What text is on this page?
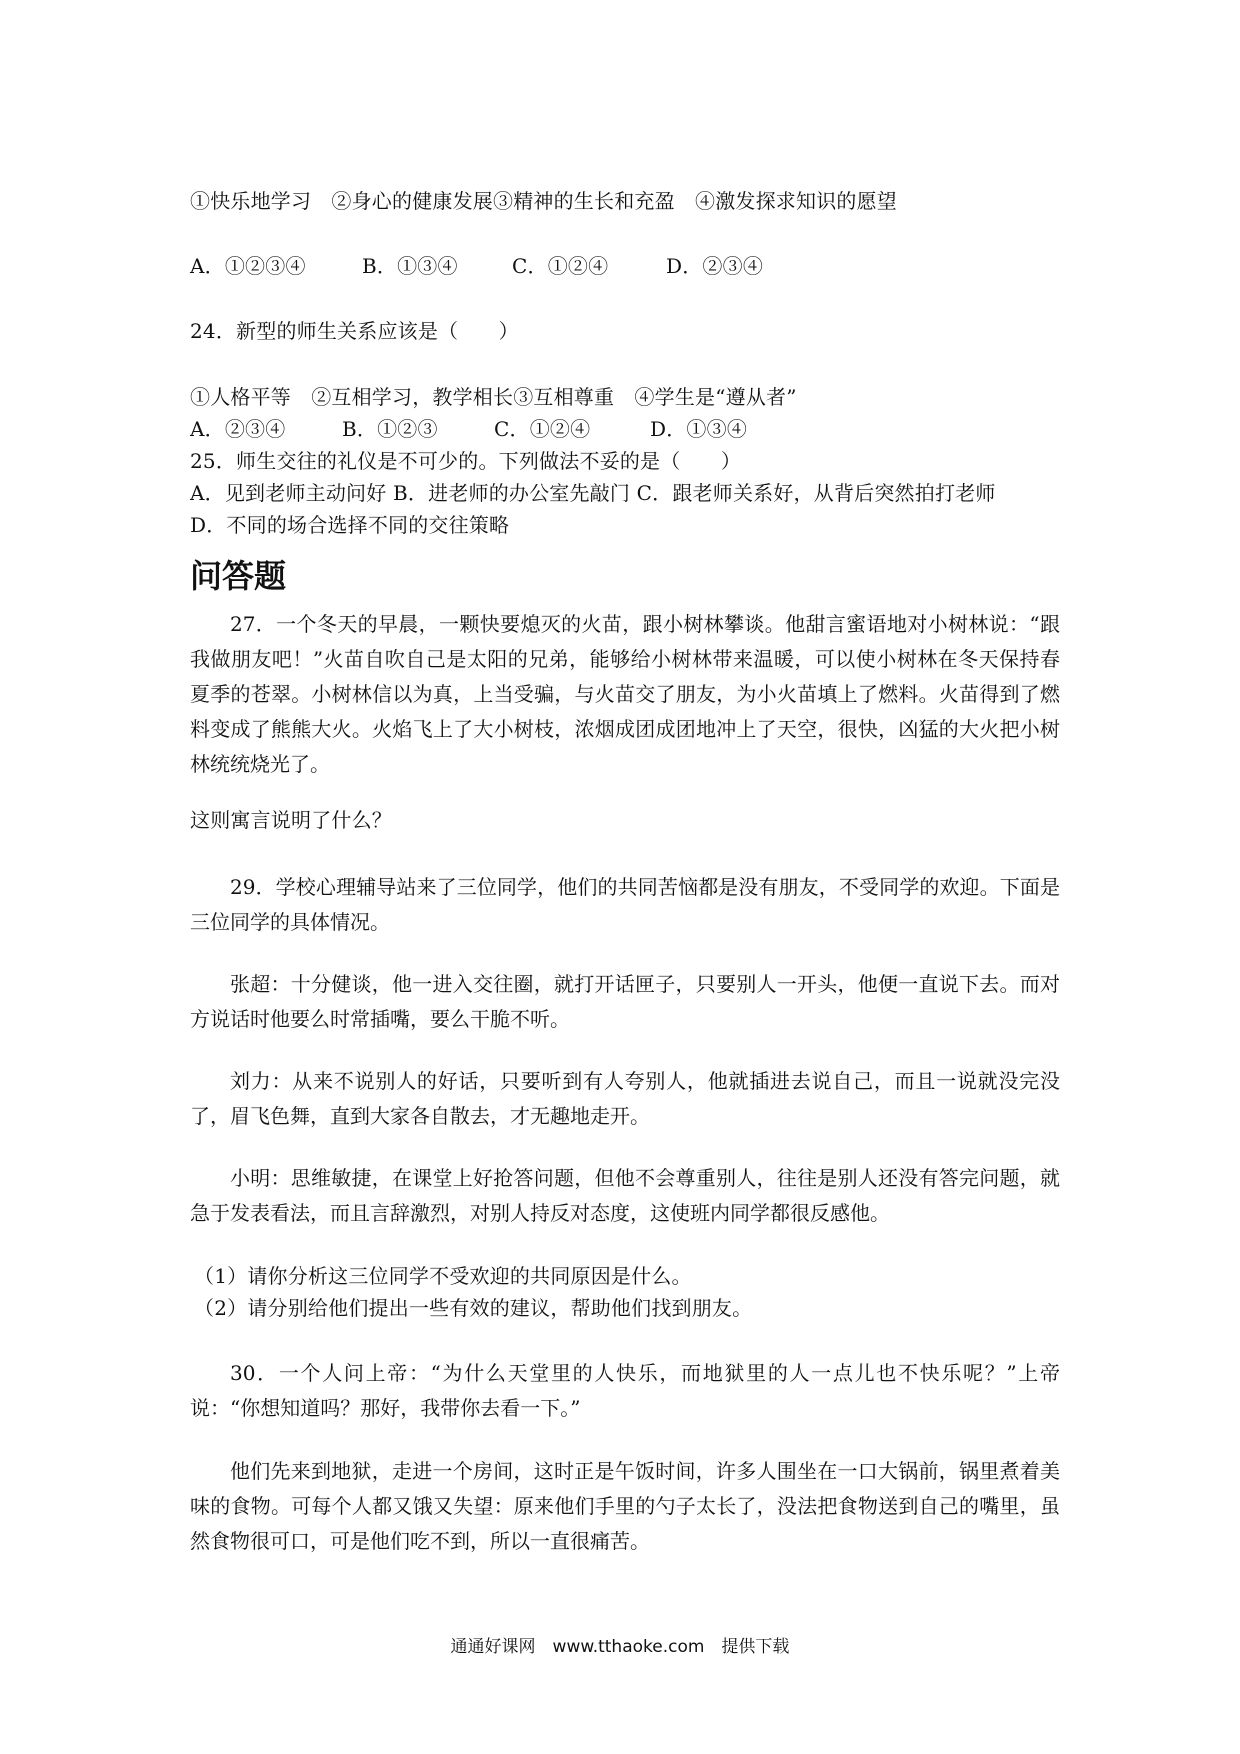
①快乐地学习　②身心的健康发展③精神的生长和充盈　④激发探求知识的愿望
A．①②③④	B．①③④	C．①②④	D．②③④
24．新型的师生关系应该是（　　）
①人格平等　②互相学习，教学相长③互相尊重　④学生是“遵从者”
A．②③④	B．①②③	C．①②④	D．①③④
25．师生交往的礼仪是不可少的。下列做法不妥的是（　　）
A．见到老师主动问好 B．进老师的办公室先敲门 C．跟老师关系好，从背后突然拍打老师
D．不同的场合选择不同的交往策略
问答题
27．一个冬天的早晨，一颗快要熄灭的火苗，跟小树林攀谈。他甜言蜜语地对小树林说：“跟我做朋友吧！”火苗自吹自己是太阳的兄弟，能够给小树林带来温暖，可以使小树林在冬天保持春夏季的苍翠。小树林信以为真，上当受骗，与火苗交了朋友，为小火苗填上了燃料。火苗得到了燃料变成了熊熊大火。火焰飞上了大小树枝，浓烟成团成团地冲上了天空，很快，凶猛的大火把小树林统统烧光了。
这则寓言说明了什么？
29．学校心理辅导站来了三位同学，他们的共同苦恼都是没有朋友，不受同学的欢迎。下面是三位同学的具体情况。
张超：十分健谈，他一进入交往圈，就打开话匣子，只要别人一开头，他便一直说下去。而对方说话时他要么时常插嘴，要么干脆不听。
刘力：从来不说别人的好话，只要听到有人夸别人，他就插进去说自己，而且一说就没完没了，眉飞色舞，直到大家各自散去，才无趣地走开。
小明：思维敏捷，在课堂上好抢答问题，但他不会尊重别人，往往是别人还没有答完问题，就急于发表看法，而且言辞激烈，对别人持反对态度，这使班内同学都很反感他。
（1）请你分析这三位同学不受欢迎的共同原因是什么。
（2）请分别给他们提出一些有效的建议，帮助他们找到朋友。
30．一个人问上帝：“为什么天堂里的人快乐，而地狱里的人一点儿也不快乐呢？”上帝说：“你想知道吗？那好，我带你去看一下。”
他们先来到地狱，走进一个房间，这时正是午饭时间，许多人围坐在一口大锅前，锅里煮着美味的食物。可每个人都又饿又失望：原来他们手里的勺子太长了，没法把食物送到自己的嘴里，虽然食物很可口，可是他们吃不到，所以一直很痛苦。
通通好课网　www.tthaoke.com　提供下载
